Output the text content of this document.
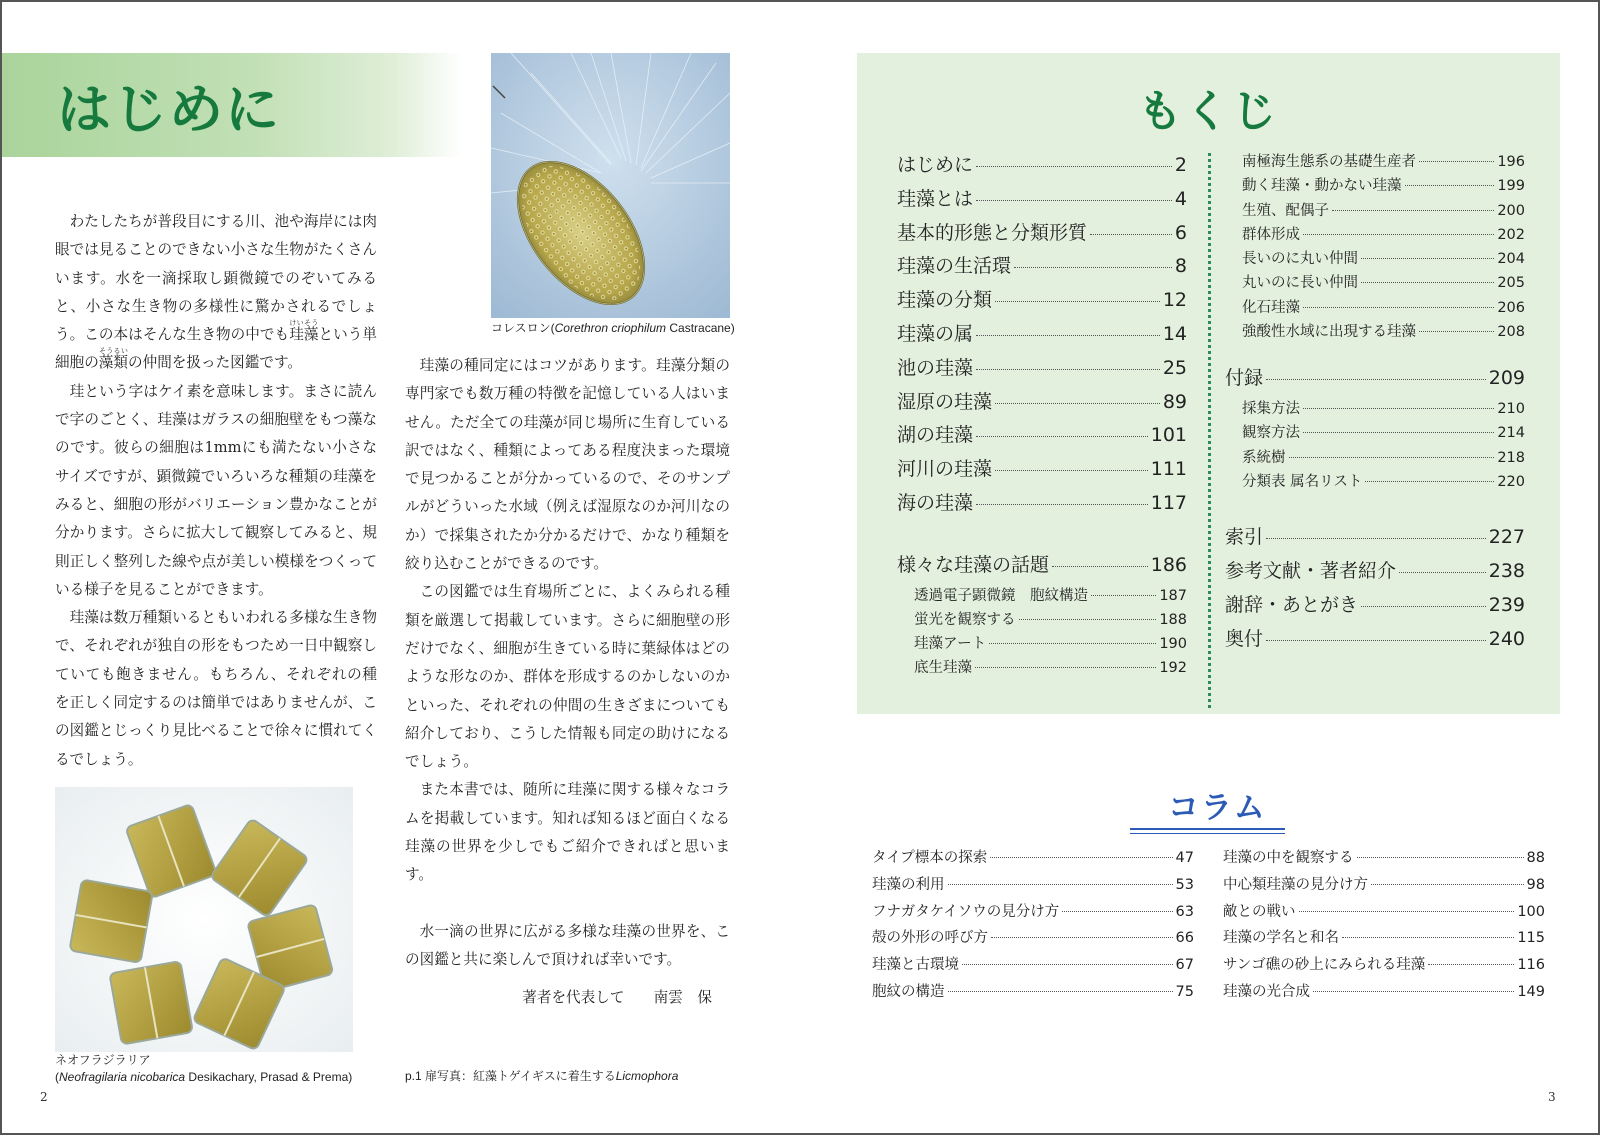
はじめに
コレスロン(Corethron criophilum Castracane)

わたしたちが普段目にする川、池や海岸には肉眼では見ることのできない小さな生物がたくさんいます。水を一滴採取し顕微鏡でのぞいてみると、小さな生き物の多様性に驚かされるでしょう。この本はそんな生き物の中でも珪藻けいそうという単細胞の藻類そうるいの仲間を扱った図鑑です。

珪という字はケイ素を意味します。まさに読んで字のごとく、珪藻はガラスの細胞壁をもつ藻なのです。彼らの細胞は1mmにも満たない小さなサイズですが、顕微鏡でいろいろな種類の珪藻をみると、細胞の形がバリエーション豊かなことが分かります。さらに拡大して観察してみると、規則正しく整列した線や点が美しい模様をつくっている様子を見ることができます。

珪藻は数万種類いるともいわれる多様な生き物で、それぞれが独自の形をもつため一日中観察していても飽きません。もちろん、それぞれの種を正しく同定するのは簡単ではありませんが、この図鑑とじっくり見比べることで徐々に慣れてくるでしょう。

ネオフラジラリア
(Neofragilaria nicobarica Desikachary, Prasad & Prema)

珪藻の種同定にはコツがあります。珪藻分類の専門家でも数万種の特徴を記憶している人はいません。ただ全ての珪藻が同じ場所に生育している訳ではなく、種類によってある程度決まった環境で見つかることが分かっているので、そのサンプルがどういった水域（例えば湿原なのか河川なのか）で採集されたか分かるだけで、かなり種類を絞り込むことができるのです。

この図鑑では生育場所ごとに、よくみられる種類を厳選して掲載しています。さらに細胞壁の形だけでなく、細胞が生きている時に葉緑体はどのような形なのか、群体を形成するのかしないのかといった、それぞれの仲間の生きざまについても紹介しており、こうした情報も同定の助けになるでしょう。

また本書では、随所に珪藻に関する様々なコラムを掲載しています。知れば知るほど面白くなる珪藻の世界を少しでもご紹介できればと思います。

水一滴の世界に広がる多様な珪藻の世界を、この図鑑と共に楽しんで頂ければ幸いです。

著者を代表して　　南雲　保
p.1 扉写真：紅藻トゲイギスに着生するLicmophora
2
もくじ
はじめに	2
珪藻とは	4
基本的形態と分類形質	6
珪藻の生活環	8
珪藻の分類	12
珪藻の属	14
池の珪藻	25
湿原の珪藻	89
湖の珪藻	101
河川の珪藻	111
海の珪藻	117
様々な珪藻の話題	186
透過電子顕微鏡　胞紋構造	187
蛍光を観察する	188
珪藻アート	190
底生珪藻	192
南極海生態系の基礎生産者	196
動く珪藻・動かない珪藻	199
生殖、配偶子	200
群体形成	202
長いのに丸い仲間	204
丸いのに長い仲間	205
化石珪藻	206
強酸性水域に出現する珪藻	208
付録	209
採集方法	210
観察方法	214
系統樹	218
分類表 属名リスト	220
索引	227
参考文献・著者紹介	238
謝辞・あとがき	239
奥付	240
コラム
タイプ標本の探索	47
珪藻の利用	53
フナガタケイソウの見分け方	63
殻の外形の呼び方	66
珪藻と古環境	67
胞紋の構造	75
珪藻の中を観察する	88
中心類珪藻の見分け方	98
敵との戦い	100
珪藻の学名と和名	115
サンゴ礁の砂上にみられる珪藻	116
珪藻の光合成	149
3
